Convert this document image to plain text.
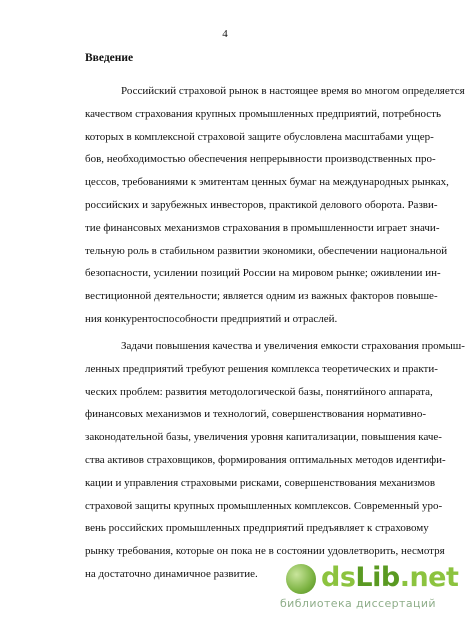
4
Введение
Российский страховой рынок в настоящее время во многом определяется
качеством страхования крупных промышленных предприятий, потребность
которых в комплексной страховой защите обусловлена масштабами ущер-
бов, необходимостью обеспечения непрерывности производственных про-
цессов, требованиями к эмитентам ценных бумаг на международных рынках,
российских и зарубежных инвесторов, практикой делового оборота. Разви-
тие финансовых механизмов страхования в промышленности играет значи-
тельную роль в стабильном развитии экономики, обеспечении национальной
безопасности, усилении позиций России на мировом рынке; оживлении ин-
вестиционной деятельности; является одним из важных факторов повыше-
ния конкурентоспособности предприятий и отраслей.
Задачи повышения качества и увеличения емкости страхования промыш-
ленных предприятий требуют решения комплекса теоретических и практи-
ческих проблем: развития методологической базы, понятийного аппарата,
финансовых механизмов и технологий, совершенствования нормативно-
законодательной базы, увеличения уровня капитализации, повышения каче-
ства активов страховщиков, формирования оптимальных методов идентифи-
кации и управления страховыми рисками, совершенствования механизмов
страховой защиты крупных промышленных комплексов. Современный уро-
вень российских промышленных предприятий предъявляет к страховому
рынку требования, которые он пока не в состоянии удовлетворить, несмотря
на достаточно динамичное развитие.	dsLib.net
библиотека диссертаций
